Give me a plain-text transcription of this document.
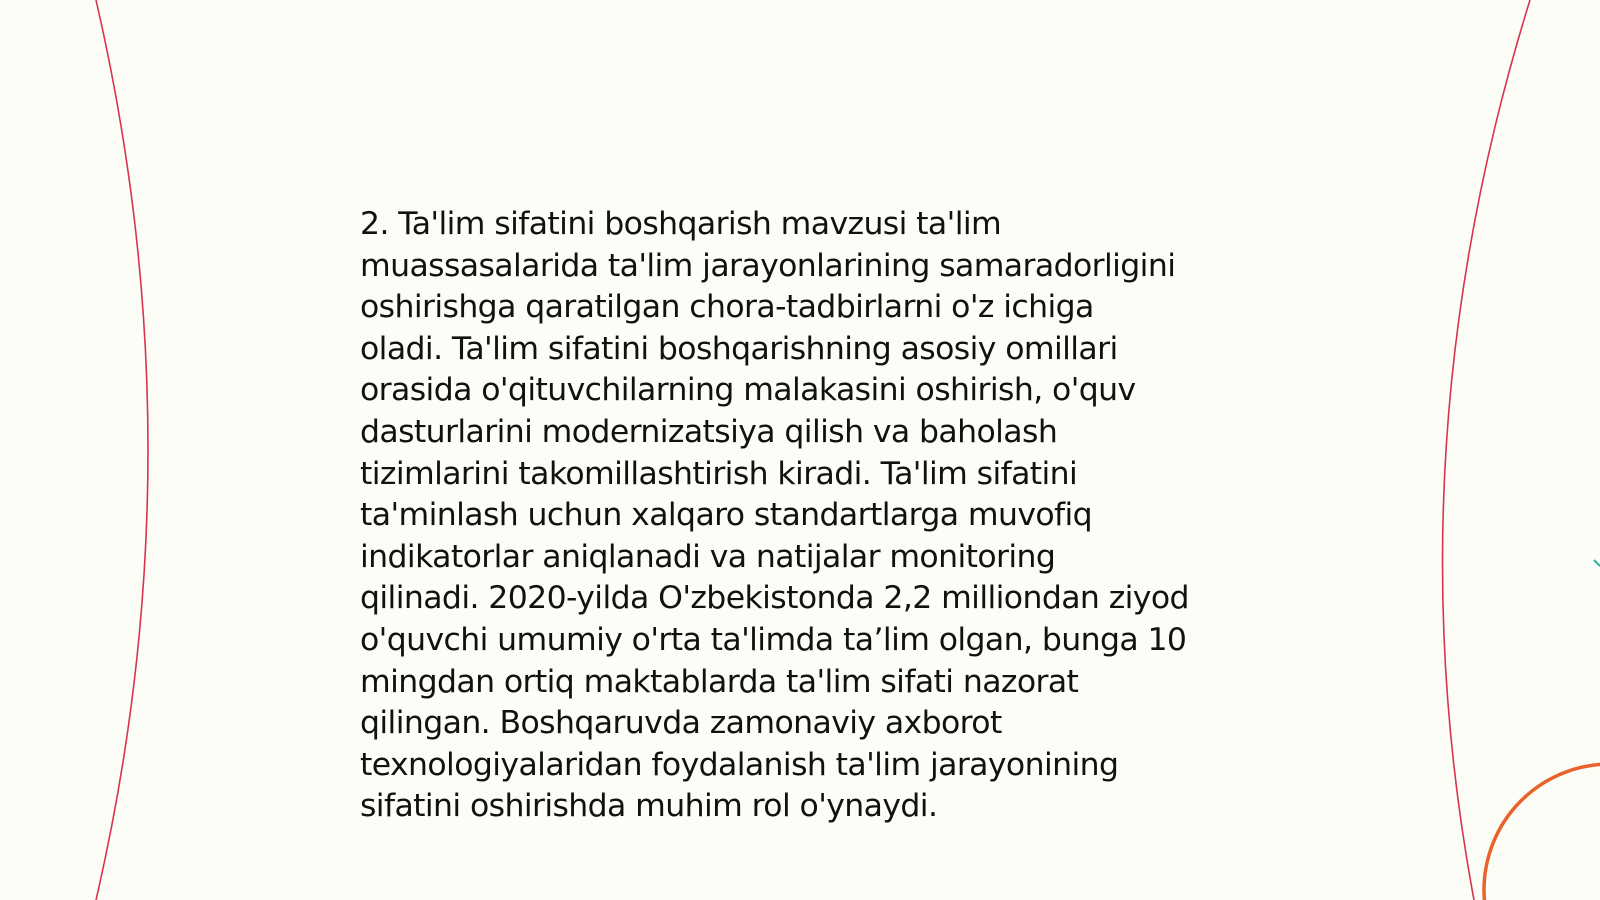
2. Ta'lim sifatini boshqarish mavzusi ta'lim
muassasalarida ta'lim jarayonlarining samaradorligini
oshirishga qaratilgan chora-tadbirlarni o'z ichiga
oladi. Ta'lim sifatini boshqarishning asosiy omillari
orasida o'qituvchilarning malakasini oshirish, o'quv
dasturlarini modernizatsiya qilish va baholash
tizimlarini takomillashtirish kiradi. Ta'lim sifatini
ta'minlash uchun xalqaro standartlarga muvofiq
indikatorlar aniqlanadi va natijalar monitoring
qilinadi. 2020-yilda O'zbekistonda 2,2 milliondan ziyod
o'quvchi umumiy o'rta ta'limda ta’lim olgan, bunga 10
mingdan ortiq maktablarda ta'lim sifati nazorat
qilingan. Boshqaruvda zamonaviy axborot
texnologiyalaridan foydalanish ta'lim jarayonining
sifatini oshirishda muhim rol o'ynaydi.
